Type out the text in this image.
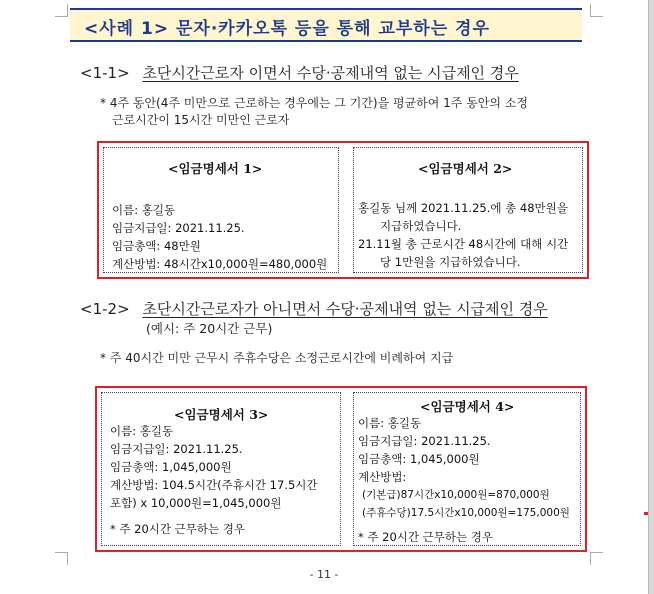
<사례 1> 문자·카카오톡 등을 통해 교부하는 경우
<1-1> 초단시간근로자 이면서 수당·공제내역 없는 시급제인 경우
* 4주 동안(4주 미만으로 근로하는 경우에는 그 기간)을 평균하여 1주 동안의 소정
근로시간이 15시간 미만인 근로자
<임금명세서 1>
이름: 홍길동
임금지급일: 2021.11.25.
임금총액: 48만원
계산방법: 48시간x10,000원=480,000원
<임금명세서 2>
홍길동 님께 2021.11.25.에 총 48만원을
지급하였습니다.
21.11월 총 근로시간 48시간에 대해 시간
당 1만원을 지급하였습니다.
<1-2> 초단시간근로자가 아니면서 수당·공제내역 없는 시급제인 경우
(예시: 주 20시간 근무)
* 주 40시간 미만 근무시 주휴수당은 소정근로시간에 비례하여 지급
<임금명세서 3>
이름: 홍길동
임금지급일: 2021.11.25.
임금총액: 1,045,000원
계산방법: 104.5시간(주휴시간 17.5시간
포함) x 10,000원=1,045,000원
* 주 20시간 근무하는 경우
<임금명세서 4>
이름: 홍길동
임금지급일: 2021.11.25.
임금총액: 1,045,000원
계산방법:
(기본급)87시간x10,000원=870,000원
(주휴수당)17.5시간x10,000원=175,000원
* 주 20시간 근무하는 경우
- 11 -
